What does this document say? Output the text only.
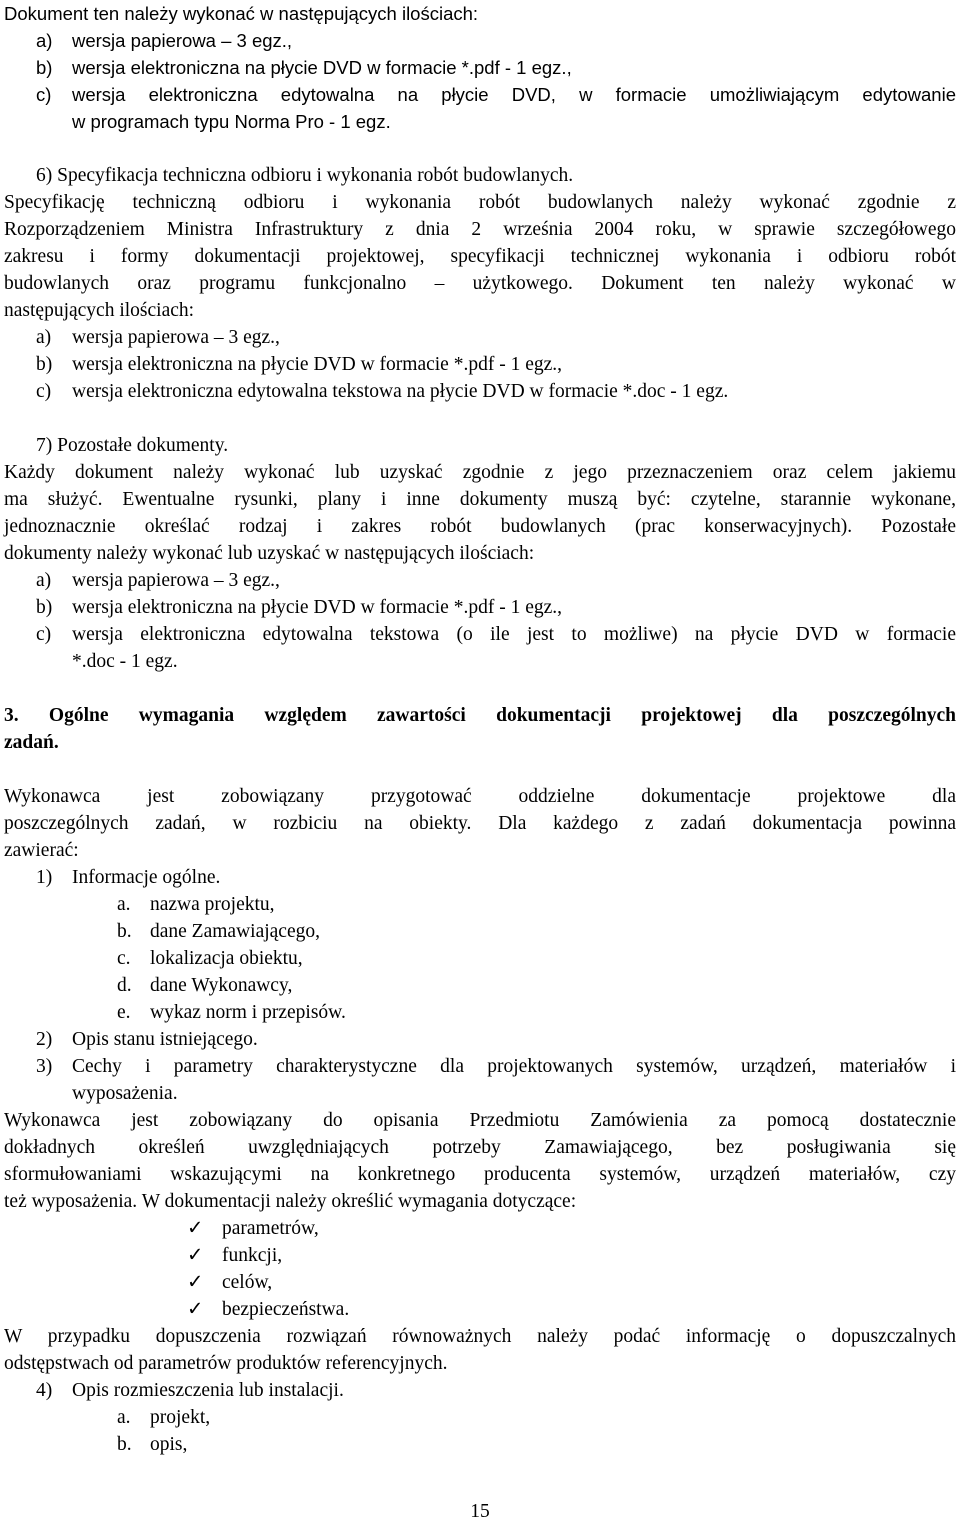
Dokument ten należy wykonać w następujących ilościach:
a) wersja papierowa – 3 egz.,
b) wersja elektroniczna na płycie DVD w formacie *.pdf - 1 egz.,
c) wersja elektroniczna edytowalna na płycie DVD, w formacie umożliwiającym edytowanie
w programach typu Norma Pro - 1 egz.
6) Specyfikacja techniczna odbioru i wykonania robót budowlanych.
Specyfikację techniczną odbioru i wykonania robót budowlanych należy wykonać zgodnie z
Rozporządzeniem Ministra Infrastruktury z dnia 2 września 2004 roku, w sprawie szczegółowego
zakresu i formy dokumentacji projektowej, specyfikacji technicznej wykonania i odbioru robót
budowlanych oraz programu funkcjonalno – użytkowego. Dokument ten należy wykonać w
następujących ilościach:
a) wersja papierowa – 3 egz.,
b) wersja elektroniczna na płycie DVD w formacie *.pdf - 1 egz.,
c) wersja elektroniczna edytowalna tekstowa na płycie DVD w formacie *.doc - 1 egz.
7) Pozostałe dokumenty.
Każdy dokument należy wykonać lub uzyskać zgodnie z jego przeznaczeniem oraz celem jakiemu
ma służyć. Ewentualne rysunki, plany i inne dokumenty muszą być: czytelne, starannie wykonane,
jednoznacznie określać rodzaj i zakres robót budowlanych (prac konserwacyjnych). Pozostałe
dokumenty należy wykonać lub uzyskać w następujących ilościach:
a) wersja papierowa – 3 egz.,
b) wersja elektroniczna na płycie DVD w formacie *.pdf - 1 egz.,
c) wersja elektroniczna edytowalna tekstowa (o ile jest to możliwe) na płycie DVD w formacie
*.doc - 1 egz.
3. Ogólne wymagania względem zawartości dokumentacji projektowej dla poszczególnych
zadań.
Wykonawca jest zobowiązany przygotować oddzielne dokumentacje projektowe dla
poszczególnych zadań, w rozbiciu na obiekty. Dla każdego z zadań dokumentacja powinna
zawierać:
1) Informacje ogólne.
a. nazwa projektu,
b. dane Zamawiającego,
c. lokalizacja obiektu,
d. dane Wykonawcy,
e. wykaz norm i przepisów.
2) Opis stanu istniejącego.
3) Cechy i parametry charakterystyczne dla projektowanych systemów, urządzeń, materiałów i
wyposażenia.
Wykonawca jest zobowiązany do opisania Przedmiotu Zamówienia za pomocą dostatecznie
dokładnych określeń uwzględniających potrzeby Zamawiającego, bez posługiwania się
sformułowaniami wskazującymi na konkretnego producenta systemów, urządzeń materiałów, czy
też wyposażenia. W dokumentacji należy określić wymagania dotyczące:
✓ parametrów,
✓ funkcji,
✓ celów,
✓ bezpieczeństwa.
W przypadku dopuszczenia rozwiązań równoważnych należy podać informację o dopuszczalnych
odstępstwach od parametrów produktów referencyjnych.
4) Opis rozmieszczenia lub instalacji.
a. projekt,
b. opis,
15
